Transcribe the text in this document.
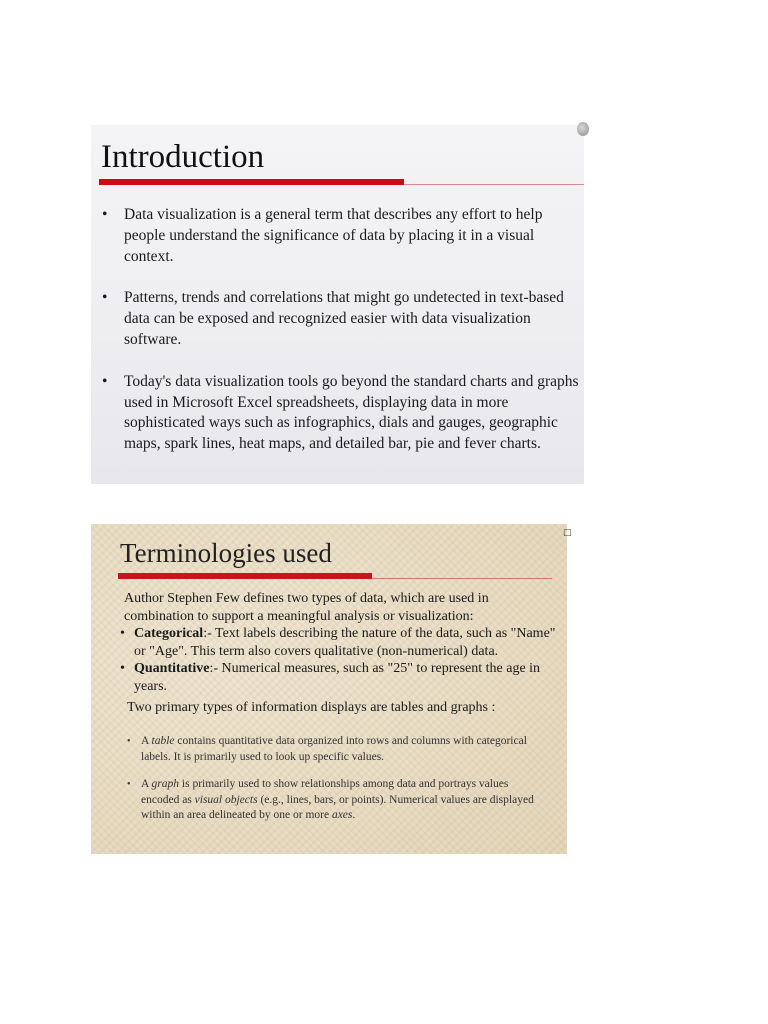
Introduction
• Data visualization is a general term that describes any effort to help people understand the significance of data by placing it in a visual context.
• Patterns, trends and correlations that might go undetected in text-based data can be exposed and recognized easier with data visualization software.
• Today's data visualization tools go beyond the standard charts and graphs used in Microsoft Excel spreadsheets, displaying data in more sophisticated ways such as infographics, dials and gauges, geographic maps, spark lines, heat maps, and detailed bar, pie and fever charts.
□
Terminologies used
Author Stephen Few defines two types of data, which are used in combination to support a meaningful analysis or visualization:
• Categorical:- Text labels describing the nature of the data, such as "Name" or "Age". This term also covers qualitative (non-numerical) data.
• Quantitative:- Numerical measures, such as "25" to represent the age in years.
Two primary types of information displays are tables and graphs :
• A table contains quantitative data organized into rows and columns with categorical labels. It is primarily used to look up specific values.
• A graph is primarily used to show relationships among data and portrays values encoded as visual objects (e.g., lines, bars, or points). Numerical values are displayed within an area delineated by one or more axes.
